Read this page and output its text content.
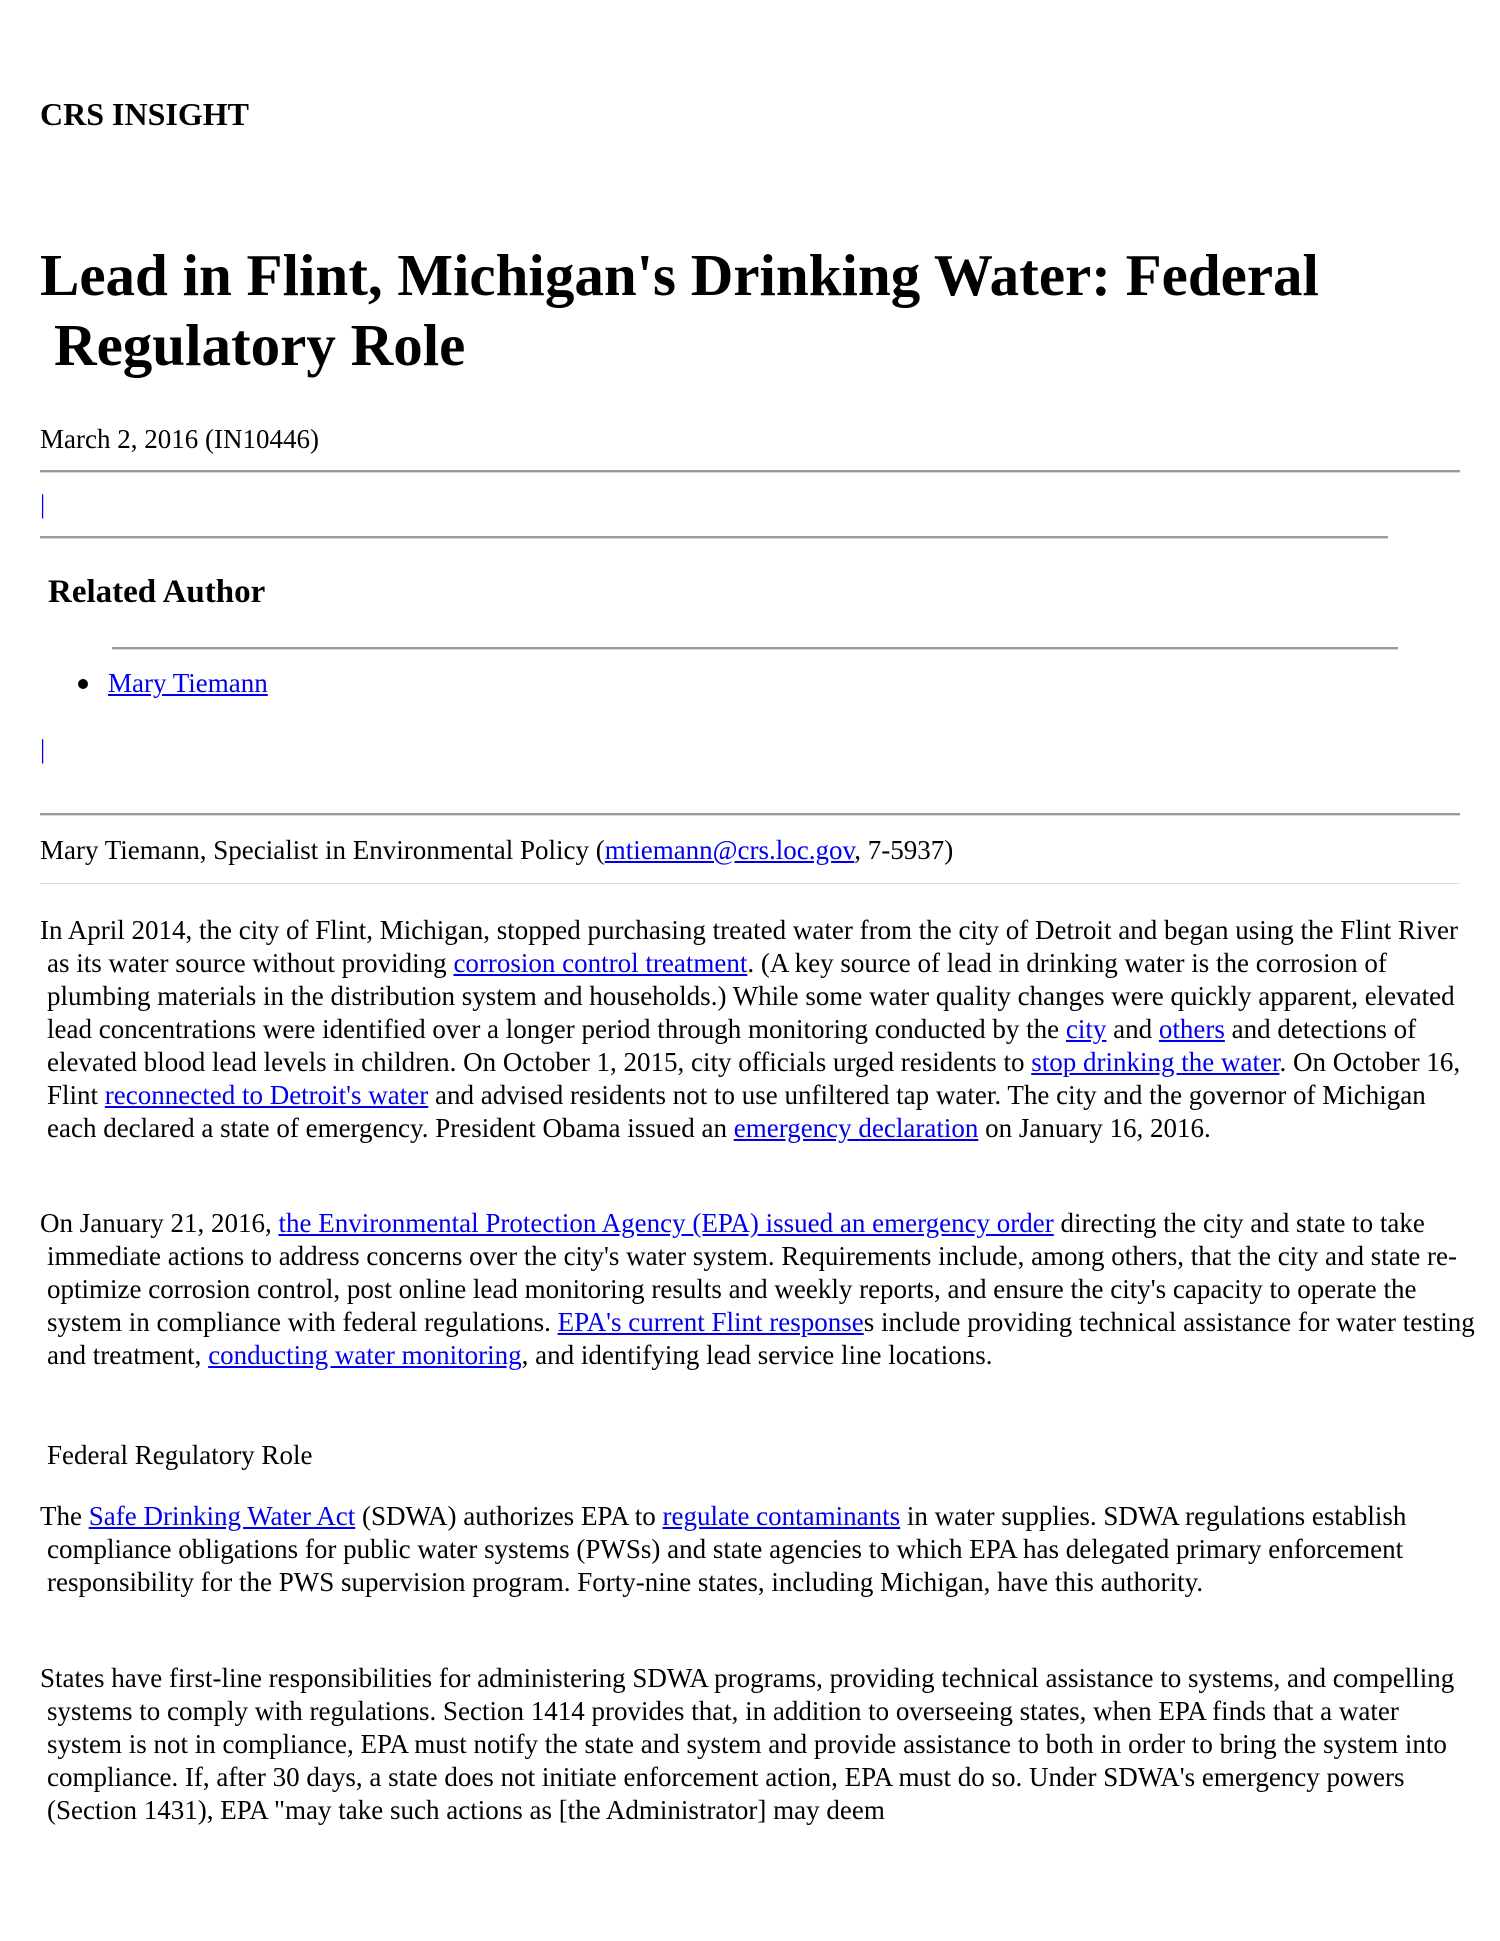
CRS INSIGHT
Lead in Flint, Michigan's Drinking Water: Federal
Regulatory Role

March 2, 2016 (IN10446)

|
Related Author
Mary Tiemann
|

Mary Tiemann, Specialist in Environmental Policy (mtiemann@crs.loc.gov, 7-5937)

In April 2014, the city of Flint, Michigan, stopped purchasing treated water from the city of Detroit and began using the Flint River as its water source without providing corrosion control treatment. (A key source of lead in drinking water is the corrosion of plumbing materials in the distribution system and households.) While some water quality changes were quickly apparent, elevated lead concentrations were identified over a longer period through monitoring conducted by the city and others and detections of elevated blood lead levels in children. On October 1, 2015, city officials urged residents to stop drinking the water. On October 16, Flint reconnected to Detroit's water and advised residents not to use unfiltered tap water. The city and the governor of Michigan each declared a state of emergency. President Obama issued an emergency declaration on January 16, 2016.

On January 21, 2016, the Environmental Protection Agency (EPA) issued an emergency order directing the city and state to take immediate actions to address concerns over the city's water system. Requirements include, among others, that the city and state re-optimize corrosion control, post online lead monitoring results and weekly reports, and ensure the city's capacity to operate the system in compliance with federal regulations. EPA's current Flint responses include providing technical assistance for water testing and treatment, conducting water monitoring, and identifying lead service line locations.

Federal Regulatory Role

The Safe Drinking Water Act (SDWA) authorizes EPA to regulate contaminants in water supplies. SDWA regulations establish compliance obligations for public water systems (PWSs) and state agencies to which EPA has delegated primary enforcement responsibility for the PWS supervision program. Forty-nine states, including Michigan, have this authority.

States have first-line responsibilities for administering SDWA programs, providing technical assistance to systems, and compelling systems to comply with regulations. Section 1414 provides that, in addition to overseeing states, when EPA finds that a water system is not in compliance, EPA must notify the state and system and provide assistance to both in order to bring the system into compliance. If, after 30 days, a state does not initiate enforcement action, EPA must do so. Under SDWA's emergency powers (Section 1431), EPA "may take such actions as [the Administrator] may deem
